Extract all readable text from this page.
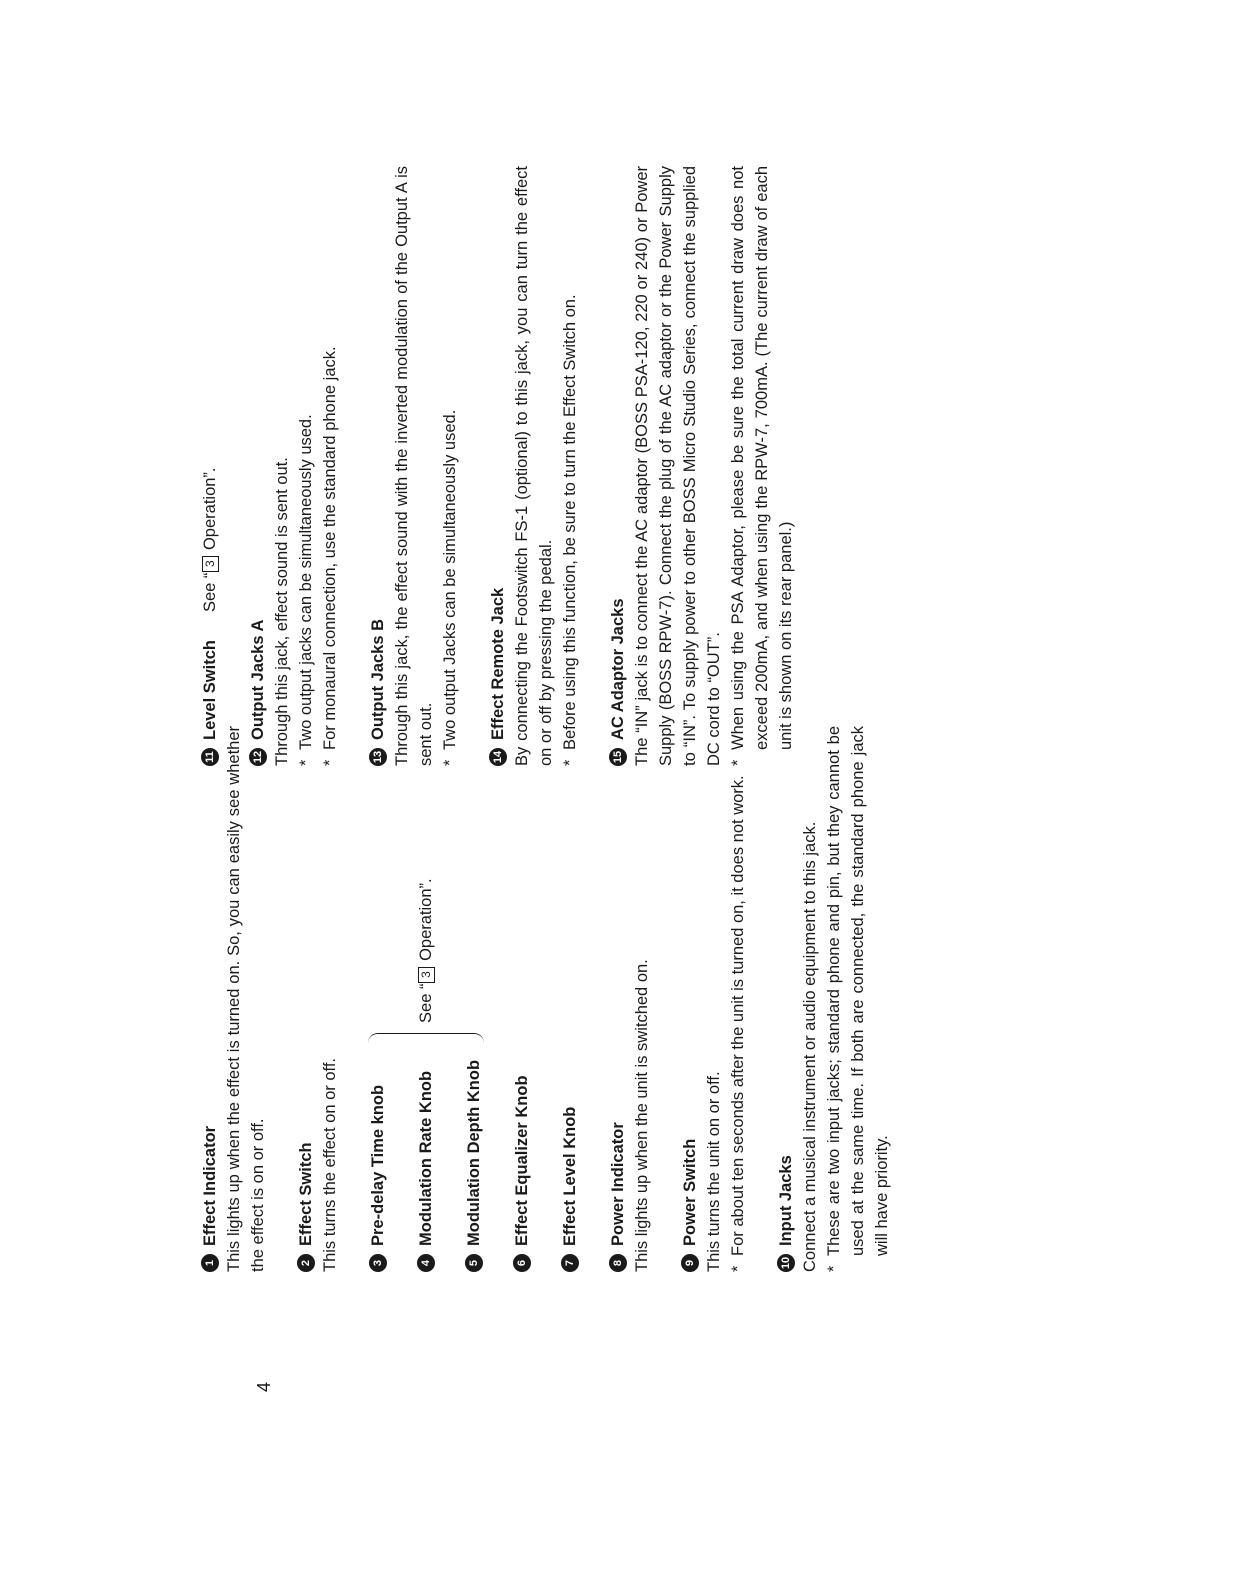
1
Effect Indicator This lights up when the effect is turned on. So, you can easily see whether the effect is on or off.	2
Effect Switch This turns the effect on or off.	3
Pre-delay Time knob
4
Modulation Rate Knob
5
Modulation Depth Knob
See “3 Operation”.
6
Effect Equalizer Knob
7
Effect Level Knob
8
Power Indicator This lights up when the unit is switched on.	9
Power Switch This turns the unit on or off. *
For about ten seconds after the unit is turned on, it does not work.
10
Input Jacks Connect a musical instrument or audio equipment to this jack. *
These are two input jacks; standard phone and pin, but they cannot be used at the same time. If both are connected, the standard phone jack will have priority.
11
Level Switch
See “3 Operation”.
12
Output Jacks A Through this jack, effect sound is sent out. *
Two output jacks can be simultaneously used.
*
For monaural connection, use the standard phone jack.
13
Output Jacks B Through this jack, the effect sound with the inverted modulation of the Output A is sent out. *
Two output Jacks can be simultaneously used.
14
Effect Remote Jack By connecting the Footswitch FS-1 (optional) to this jack, you can turn the effect on or off by pressing the pedal. *
Before using this function, be sure to turn the Effect Switch on.
15
AC Adaptor Jacks The “IN” jack is to connect the AC adaptor (BOSS PSA-120, 220 or 240) or Power Supply (BOSS RPW-7). Connect the plug of the AC adaptor or the Power Supply to “IN”. To supply power to other BOSS Micro Studio Series, connect the supplied DC cord to “OUT”. *
When using the PSA Adaptor, please be sure the total current draw does not exceed 200mA, and when using the RPW-7, 700mA. (The current draw of each unit is shown on its rear panel.)
4
